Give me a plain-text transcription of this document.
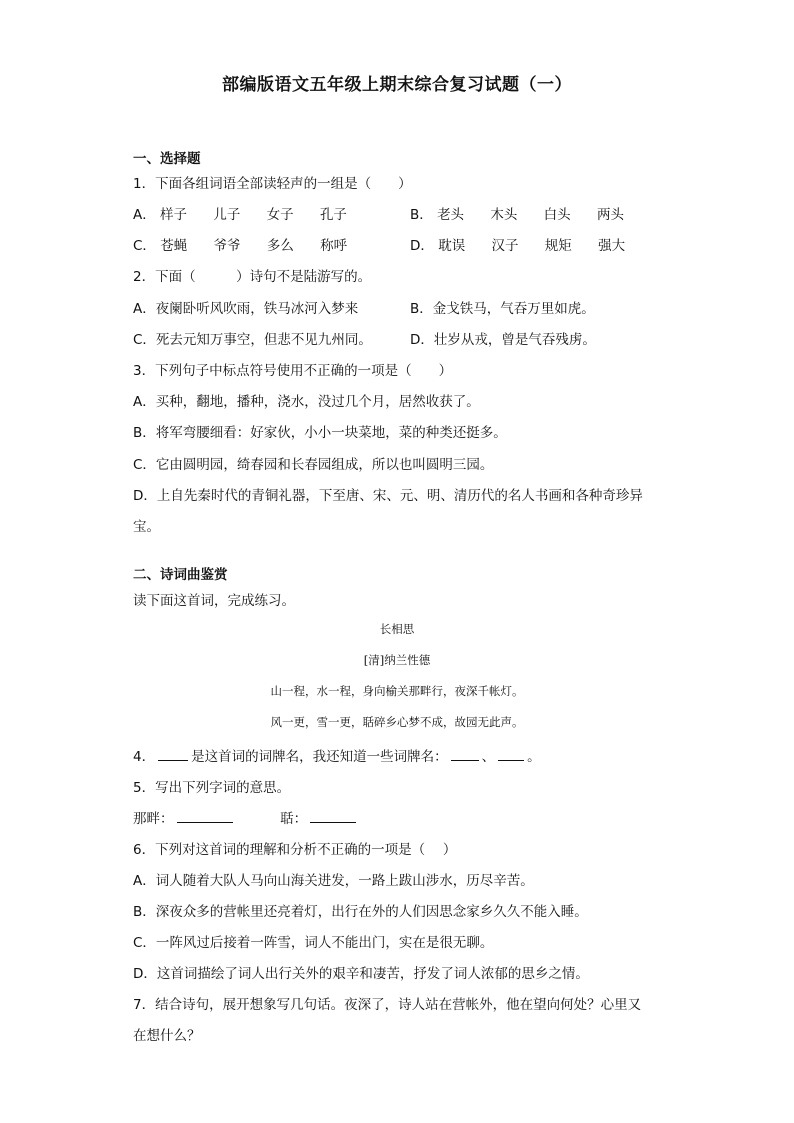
部编版语文五年级上期末综合复习试题（一）
一、选择题
1．下面各组词语全部读轻声的一组是（　　）
A． 样子 儿子 女子 孔子	B． 老头 木头 白头 两头
C． 苍蝇 爷爷 多么 称呼	D． 耽误 汉子 规矩 强大
2．下面（　　　）诗句不是陆游写的。
A．夜阑卧听风吹雨，铁马冰河入梦来	B．金戈铁马，气吞万里如虎。
C．死去元知万事空，但悲不见九州同。	D．壮岁从戎，曾是气吞残虏。
3．下列句子中标点符号使用不正确的一项是（　　）
A．买种，翻地，播种，浇水，没过几个月，居然收获了。
B．将军弯腰细看：好家伙，小小一块菜地，菜的种类还挺多。
C．它由圆明园，绮春园和长春园组成，所以也叫圆明三园。
D．上自先秦时代的青铜礼器，下至唐、宋、元、明、清历代的名人书画和各种奇珍异
宝。
二、诗词曲鉴赏
读下面这首词，完成练习。
长相思
[清]纳兰性德
山一程，水一程，身向榆关那畔行，夜深千帐灯。
风一更，雪一更，聒碎乡心梦不成，故园无此声。
4．	是这首词的词牌名，我还知道一些词牌名：	、 。
5．写出下列字词的意思。
那畔：	聒：
6．下列对这首词的理解和分析不正确的一项是（　 ）
A．词人随着大队人马向山海关进发，一路上跋山涉水，历尽辛苦。
B．深夜众多的营帐里还亮着灯，出行在外的人们因思念家乡久久不能入睡。
C．一阵风过后接着一阵雪，词人不能出门，实在是很无聊。
D．这首词描绘了词人出行关外的艰辛和凄苦，抒发了词人浓郁的思乡之情。
7．结合诗句，展开想象写几句话。夜深了，诗人站在营帐外，他在望向何处？心里又
在想什么？
